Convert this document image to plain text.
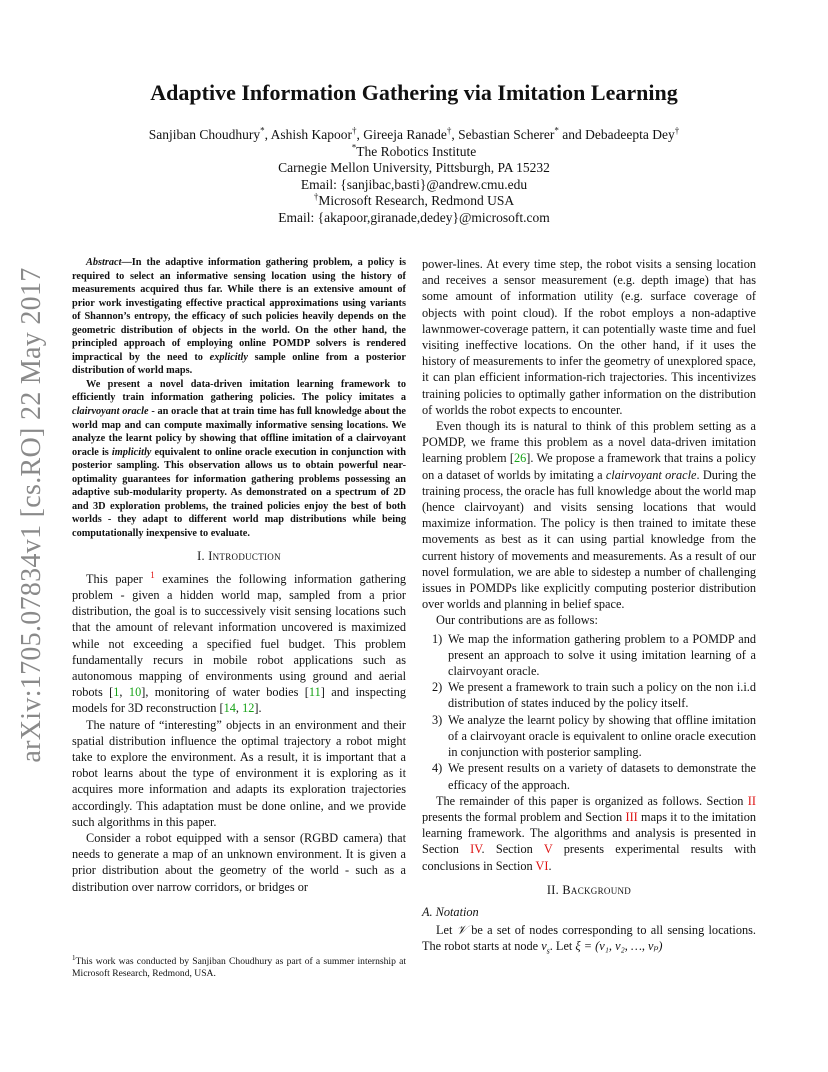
arXiv:1705.07834v1 [cs.RO] 22 May 2017
Adaptive Information Gathering via Imitation Learning
Sanjiban Choudhury*, Ashish Kapoor†, Gireeja Ranade†, Sebastian Scherer* and Debadeepta Dey†
*The Robotics Institute
Carnegie Mellon University, Pittsburgh, PA 15232
Email: {sanjibac,basti}@andrew.cmu.edu
†Microsoft Research, Redmond USA
Email: {akapoor,giranade,dedey}@microsoft.com

Abstract—In the adaptive information gathering problem, a policy is required to select an informative sensing location using the history of measurements acquired thus far. While there is an extensive amount of prior work investigating effective practical approximations using variants of Shannon’s entropy, the efficacy of such policies heavily depends on the geometric distribution of objects in the world. On the other hand, the principled approach of employing online POMDP solvers is rendered impractical by the need to explicitly sample online from a posterior distribution of world maps.

We present a novel data-driven imitation learning framework to efficiently train information gathering policies. The policy imitates a clairvoyant oracle - an oracle that at train time has full knowledge about the world map and can compute maximally informative sensing locations. We analyze the learnt policy by showing that offline imitation of a clairvoyant oracle is implicitly equivalent to online oracle execution in conjunction with posterior sampling. This observation allows us to obtain powerful near-optimality guarantees for information gathering problems possessing an adaptive sub-modularity property. As demonstrated on a spectrum of 2D and 3D exploration problems, the trained policies enjoy the best of both worlds - they adapt to different world map distributions while being computationally inexpensive to evaluate.

I. Introduction

This paper $^1$ examines the following information gathering problem - given a hidden world map, sampled from a prior distribution, the goal is to successively visit sensing locations such that the amount of relevant information uncovered is maximized while not exceeding a specified fuel budget. This problem fundamentally recurs in mobile robot applications such as autonomous mapping of environments using ground and aerial robots [1, 10], monitoring of water bodies [11] and inspecting models for 3D reconstruction [14, 12].

The nature of “interesting” objects in an environment and their spatial distribution influence the optimal trajectory a robot might take to explore the environment. As a result, it is important that a robot learns about the type of environment it is exploring as it acquires more information and adapts its exploration trajectories accordingly. This adaptation must be done online, and we provide such algorithms in this paper.

Consider a robot equipped with a sensor (RGBD camera) that needs to generate a map of an unknown environment. It is given a prior distribution about the geometry of the world - such as a distribution over narrow corridors, or bridges or

power-lines. At every time step, the robot visits a sensing location and receives a sensor measurement (e.g. depth image) that has some amount of information utility (e.g. surface coverage of objects with point cloud). If the robot employs a non-adaptive lawnmower-coverage pattern, it can potentially waste time and fuel visiting ineffective locations. On the other hand, if it uses the history of measurements to infer the geometry of unexplored space, it can plan efficient information-rich trajectories. This incentivizes training policies to optimally gather information on the distribution of worlds the robot expects to encounter.

Even though its is natural to think of this problem setting as a POMDP, we frame this problem as a novel data-driven imitation learning problem [26]. We propose a framework that trains a policy on a dataset of worlds by imitating a clairvoyant oracle. During the training process, the oracle has full knowledge about the world map (hence clairvoyant) and visits sensing locations that would maximize information. The policy is then trained to imitate these movements as best as it can using partial knowledge from the current history of movements and measurements. As a result of our novel formulation, we are able to sidestep a number of challenging issues in POMDPs like explicitly computing posterior distribution over worlds and planning in belief space.

Our contributions are as follows:

1) We map the information gathering problem to a POMDP and present an approach to solve it using imitation learning of a clairvoyant oracle.
2) We present a framework to train such a policy on the non i.i.d distribution of states induced by the policy itself.
3) We analyze the learnt policy by showing that offline imitation of a clairvoyant oracle is equivalent to online oracle execution in conjunction with posterior sampling.
4) We present results on a variety of datasets to demonstrate the efficacy of the approach.

The remainder of this paper is organized as follows. Section II presents the formal problem and Section III maps it to the imitation learning framework. The algorithms and analysis is presented in Section IV. Section V presents experimental results with conclusions in Section VI.

II. Background
A. Notation

Let 𝒱 be a set of nodes corresponding to all sensing locations. The robot starts at node $v_s$. Let ξ = (v₁, v₂, …, vₚ)

$^1$This work was conducted by Sanjiban Choudhury as part of a summer internship at Microsoft Research, Redmond, USA.
